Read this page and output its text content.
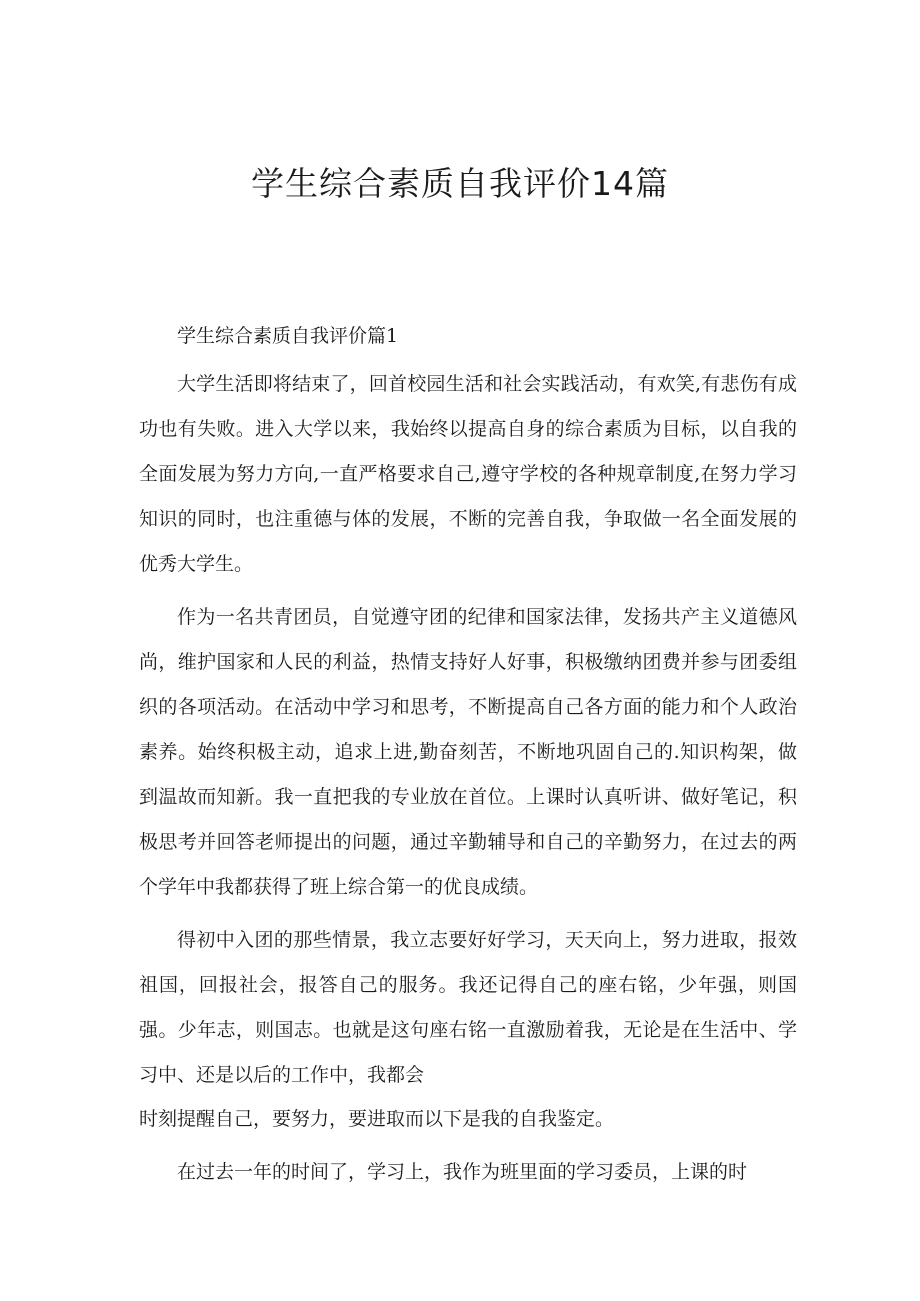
学生综合素质自我评价14篇

学生综合素质自我评价篇1

大学生活即将结束了，回首校园生活和社会实践活动，有欢笑,有悲伤有成功也有失败。进入大学以来，我始终以提高自身的综合素质为目标，以自我的全面发展为努力方向,一直严格要求自己,遵守学校的各种规章制度,在努力学习知识的同时，也注重德与体的发展，不断的完善自我，争取做一名全面发展的优秀大学生。

作为一名共青团员，自觉遵守团的纪律和国家法律，发扬共产主义道德风尚，维护国家和人民的利益，热情支持好人好事，积极缴纳团费并参与团委组织的各项活动。在活动中学习和思考，不断提高自己各方面的能力和个人政治素养。始终积极主动，追求上进,勤奋刻苦，不断地巩固自己的.知识构架，做到温故而知新。我一直把我的专业放在首位。上课时认真听讲、做好笔记，积极思考并回答老师提出的问题，通过辛勤辅导和自己的辛勤努力，在过去的两个学年中我都获得了班上综合第一的优良成绩。

得初中入团的那些情景，我立志要好好学习，天天向上，努力进取，报效祖国，回报社会，报答自己的服务。我还记得自己的座右铭，少年强，则国强。少年志，则国志。也就是这句座右铭一直激励着我，无论是在生活中、学习中、还是以后的工作中，我都会

时刻提醒自己，要努力，要进取而以下是我的自我鉴定。

在过去一年的时间了，学习上，我作为班里面的学习委员，上课的时
